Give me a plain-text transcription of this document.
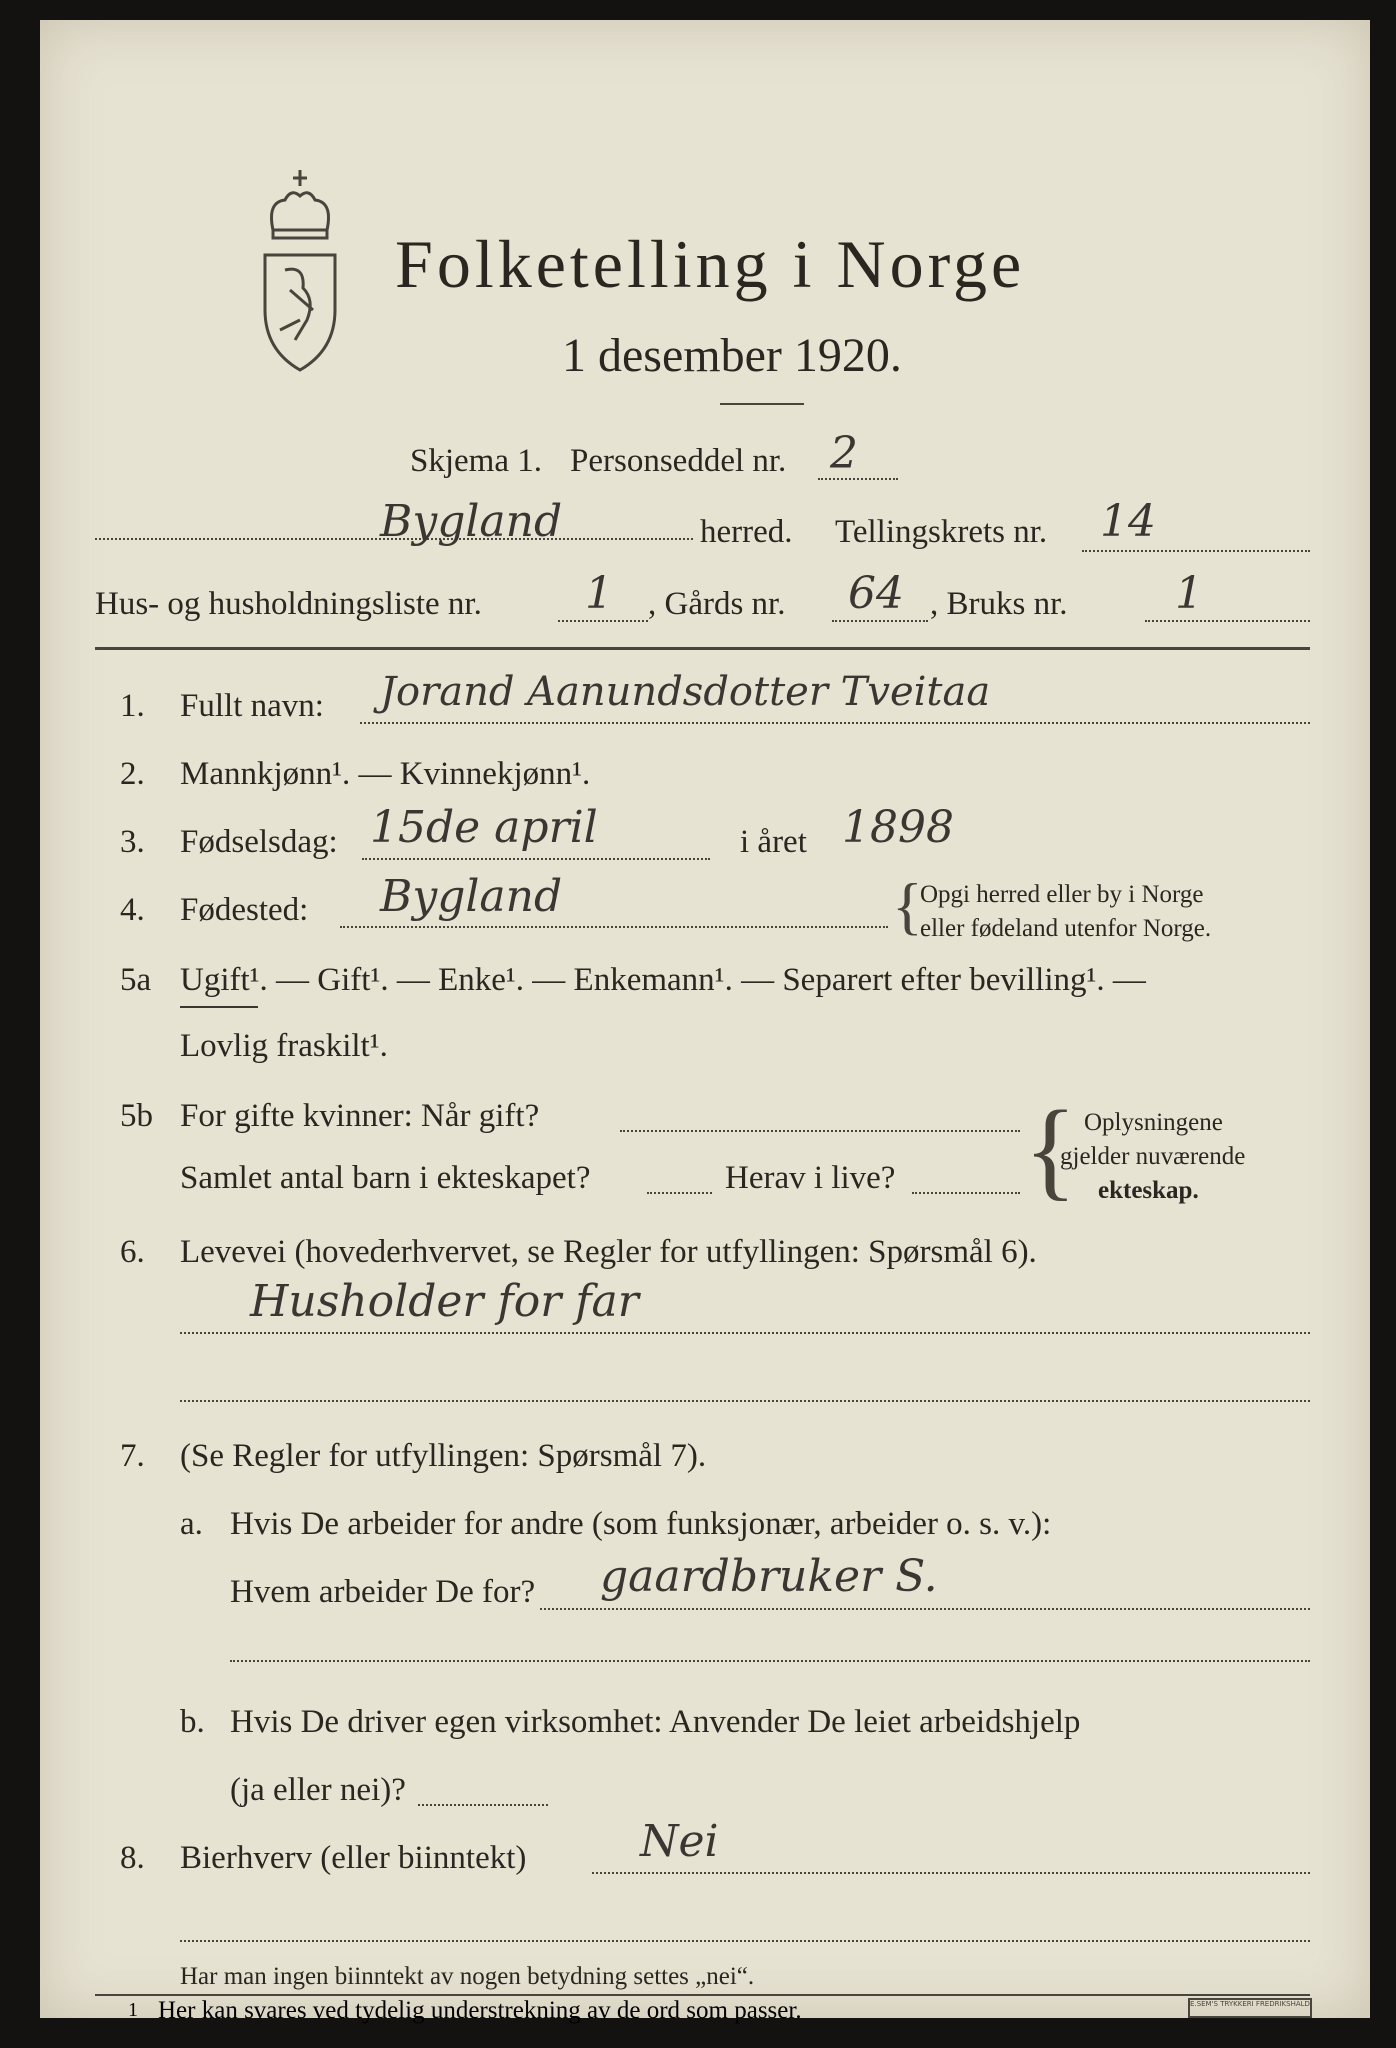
Folketelling i Norge
1 desember 1920.
Skjema 1. Personseddel nr. 2
Bygland	herred. Tellingskrets nr. 14
Hus- og husholdningsliste nr. 1 , Gårds nr. 64 , Bruks nr. 1
1. Fullt navn: Jorand Aanundsdotter Tveitaa
2. Mannkjønn¹. — Kvinnekjønn¹.
3. Fødselsdag: 15de april	i året 1898
4. Fødested: Bygland	{
Opgi herred eller by i Norge
eller fødeland utenfor Norge.
5a Ugift¹. — Gift¹. — Enke¹. — Enkemann¹. — Separert efter bevilling¹. —
Lovlig fraskilt¹.
5b For gifte kvinner: Når gift?
Samlet antal barn i ekteskapet?	Herav i live? { Oplysningene
gjelder nuværende
ekteskap.
6. Levevei (hovederhvervet, se Regler for utfyllingen: Spørsmål 6).
Husholder for far
7. (Se Regler for utfyllingen: Spørsmål 7).
a. Hvis De arbeider for andre (som funksjonær, arbeider o. s. v.):
Hvem arbeider De for? gaardbruker S.
b. Hvis De driver egen virksomhet: Anvender De leiet arbeidshjelp
(ja eller nei)?
8. Bierhverv (eller biinntekt)	Nei
Har man ingen biinntekt av nogen betydning settes „nei“.
1 Her kan svares ved tydelig understrekning av de ord som passer.	E.SEM'S TRYKKERI FREDRIKSHALD
